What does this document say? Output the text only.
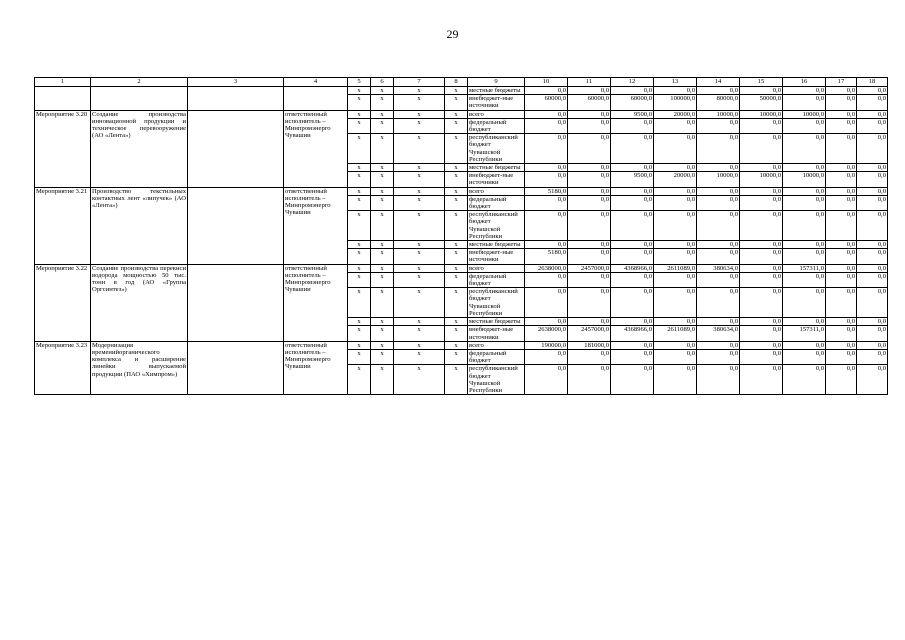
29
1	2	3	4	5	6	7	8	9	10	11	12	13	14	15	16	17	18
				х	х	х	х	местные бюджеты	0,0	0,0	0,0	0,0	0,0	0,0	0,0	0,0	0,0
				х	х	х	х	внебюджет-ные источники	60000,0	60000,0	60000,0	100000,0	80000,0	50000,0	0,0	0,0	0,0
Мероприятие 3.20	Создание производства инновационной продукции и техническое перевооружение (АО «Лента»)		ответственный исполнитель – Минпромэнерго Чувашии	х	х	х	х	всего	0,0	0,0	9500,0	20000,0	10000,0	10000,0	10000,0	0,0	0,0
				х	х	х	х	федеральный бюджет	0,0	0,0	0,0	0,0	0,0	0,0	0,0	0,0	0,0
				х	х	х	х	республиканский бюджет Чувашской Республики	0,0	0,0	0,0	0,0	0,0	0,0	0,0	0,0	0,0
				х	х	х	х	местные бюджеты	0,0	0,0	0,0	0,0	0,0	0,0	0,0	0,0	0,0
				х	х	х	х	внебюджет-ные источники	0,0	0,0	9500,0	20000,0	10000,0	10000,0	10000,0	0,0	0,0
Мероприятие 3.21	Производство текстильных контактных лент «липучек» (АО «Лента»)		ответственный исполнитель – Минпромэнерго Чувашии	х	х	х	х	всего	5180,0	0,0	0,0	0,0	0,0	0,0	0,0	0,0	0,0
				х	х	х	х	федеральный бюджет	0,0	0,0	0,0	0,0	0,0	0,0	0,0	0,0	0,0
				х	х	х	х	республиканский бюджет Чувашской Республики	0,0	0,0	0,0	0,0	0,0	0,0	0,0	0,0	0,0
				х	х	х	х	местные бюджеты	0,0	0,0	0,0	0,0	0,0	0,0	0,0	0,0	0,0
				х	х	х	х	внебюджет-ные источники	5180,0	0,0	0,0	0,0	0,0	0,0	0,0	0,0	0,0
Мероприятие 3.22	Создание производства перекиси водорода мощностью 50 тыс. тонн в год (АО «Группа Оргсинтез»)		ответственный исполнитель – Минпромэнерго Чувашии	х	х	х	х	всего	2638000,0	2457000,0	4368966,0	2611089,0	380634,0	0,0	157311,0	0,0	0,0
				х	х	х	х	федеральный бюджет	0,0	0,0	0,0	0,0	0,0	0,0	0,0	0,0	0,0
				х	х	х	х	республиканский бюджет Чувашской Республики	0,0	0,0	0,0	0,0	0,0	0,0	0,0	0,0	0,0
				х	х	х	х	местные бюджеты	0,0	0,0	0,0	0,0	0,0	0,0	0,0	0,0	0,0
				х	х	х	х	внебюджет-ные источники	2638000,0	2457000,0	4368966,0	2611089,0	380634,0	0,0	157311,0	0,0	0,0
Мероприятие 3.23	Модернизация временийорганического комплекса и расширение линейки выпускаемой продукции (ПАО «Химпром»)		ответственный исполнитель – Минпромэнерго Чувашии	х	х	х	х	всего	190000,0	181000,0	0,0	0,0	0,0	0,0	0,0	0,0	0,0
				х	х	х	х	федеральный бюджет	0,0	0,0	0,0	0,0	0,0	0,0	0,0	0,0	0,0
				х	х	х	х	республиканский бюджет Чувашской Республики	0,0	0,0	0,0	0,0	0,0	0,0	0,0	0,0	0,0
